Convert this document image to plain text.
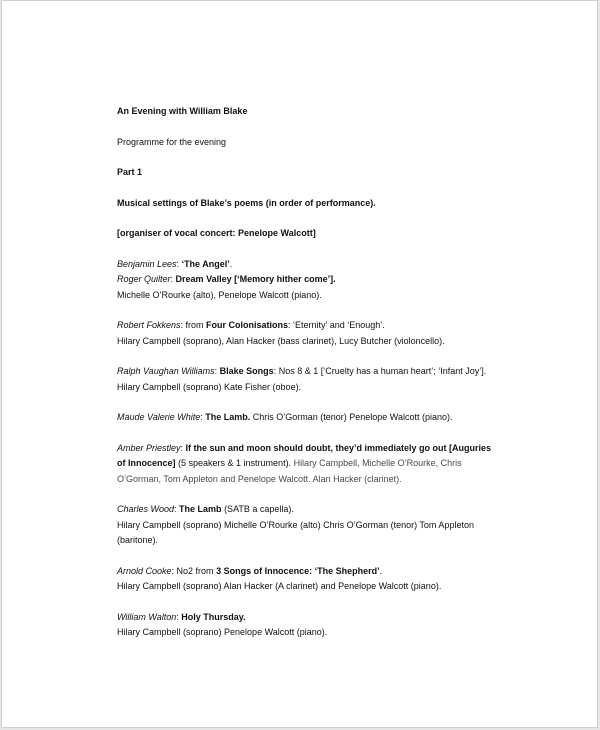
An Evening with William Blake

Programme for the evening

Part 1

Musical settings of Blake’s poems (in order of performance).

[organiser of vocal concert: Penelope Walcott]

Benjamin Lees: ‘The Angel’.
Roger Quilter: Dream Valley [‘Memory hither come’].
Michelle O’Rourke (alto), Penelope Walcott (piano).

Robert Fokkens: from Four Colonisations: ‘Eternity’ and ‘Enough’.
Hilary Campbell (soprano), Alan Hacker (bass clarinet), Lucy Butcher (violoncello).

Ralph Vaughan Williams: Blake Songs: Nos 8 & 1 [‘Cruelty has a human heart’; ‘Infant Joy’].
Hilary Campbell (soprano) Kate Fisher (oboe).

Maude Valerie White: The Lamb. Chris O’Gorman (tenor) Penelope Walcott (piano).

Amber Priestley: If the sun and moon should doubt, they’d immediately go out [Auguries of Innocence] (5 speakers & 1 instrument). Hilary Campbell, Michelle O’Rourke, Chris O’Gorman, Tom Appleton and Penelope Walcott. Alan Hacker (clarinet).

Charles Wood: The Lamb (SATB a capella).
Hilary Campbell (soprano) Michelle O’Rourke (alto) Chris O’Gorman (tenor) Tom Appleton (baritone).

Arnold Cooke: No2 from 3 Songs of Innocence: ‘The Shepherd’.
Hilary Campbell (soprano) Alan Hacker (A clarinet) and Penelope Walcott (piano).

William Walton: Holy Thursday.
Hilary Campbell (soprano) Penelope Walcott (piano).
